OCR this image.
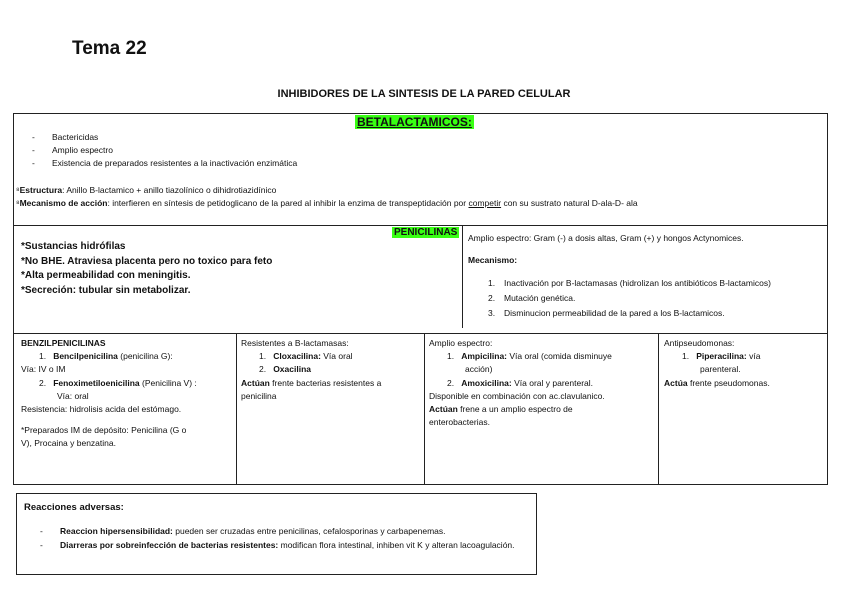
Tema 22
INHIBIDORES DE LA SINTESIS DE LA PARED CELULAR
BETALACTAMICOS:
-	Bactericidas
-	Amplio espectro
-	Existencia de preparados resistentes a la inactivación enzimática
⁸Estructura: Anillo B-lactamico + anillo tiazolínico o dihidrotiazidínico
⁸Mecanismo de acción: interfieren en síntesis de petidoglicano de la pared al inhibir la enzima de transpeptidación por competir con su sustrato natural D-ala-D- ala
PENICILINAS
*Sustancias hidrófilas
*No BHE. Atraviesa placenta pero no toxico para feto
*Alta permeabilidad con meningitis.
*Secreción: tubular sin metabolizar.
Amplio espectro: Gram (-) a dosis altas, Gram (+) y hongos Actynomices.
Mecanismo:
1.	Inactivación por B-lactamasas (hidrolizan los antibióticos B-lactamicos)
2.	Mutación genética.
3.	Disminucion permeabilidad de la pared a los B-lactamicos.
BENZILPENICILINAS
1. Bencilpenicilina (penicilina G):
Vía: IV o IM
2. Fenoximetiloenicilina (Penicilina V) :
Vía: oral
Resistencia: hidrolisis acida del estómago.
*Preparados IM de depósito: Penicilina (G o
V), Procaina y benzatina.
Resistentes a B-lactamasas:
1. Cloxacilina: Vía oral
2. Oxacilina
Actúan frente bacterias resistentes a
penicilina
Amplio espectro:
1. Ampicilina: Vía oral (comida disminuye
acción)
2. Amoxicilina: Vía oral y parenteral.
Disponible en combinación con ac.clavulanico.
Actúan frene a un amplio espectro de
enterobacterias.
Antipseudomonas:
1. Piperacilina: vía
parenteral.
Actúa frente pseudomonas.
Reacciones adversas:
-	Reaccion hipersensibilidad: pueden ser cruzadas entre penicilinas, cefalosporinas y carbapenemas.
-	Diarreras por sobreinfección de bacterias resistentes: modifican flora intestinal, inhiben vit K y alteran lacoagulación.
